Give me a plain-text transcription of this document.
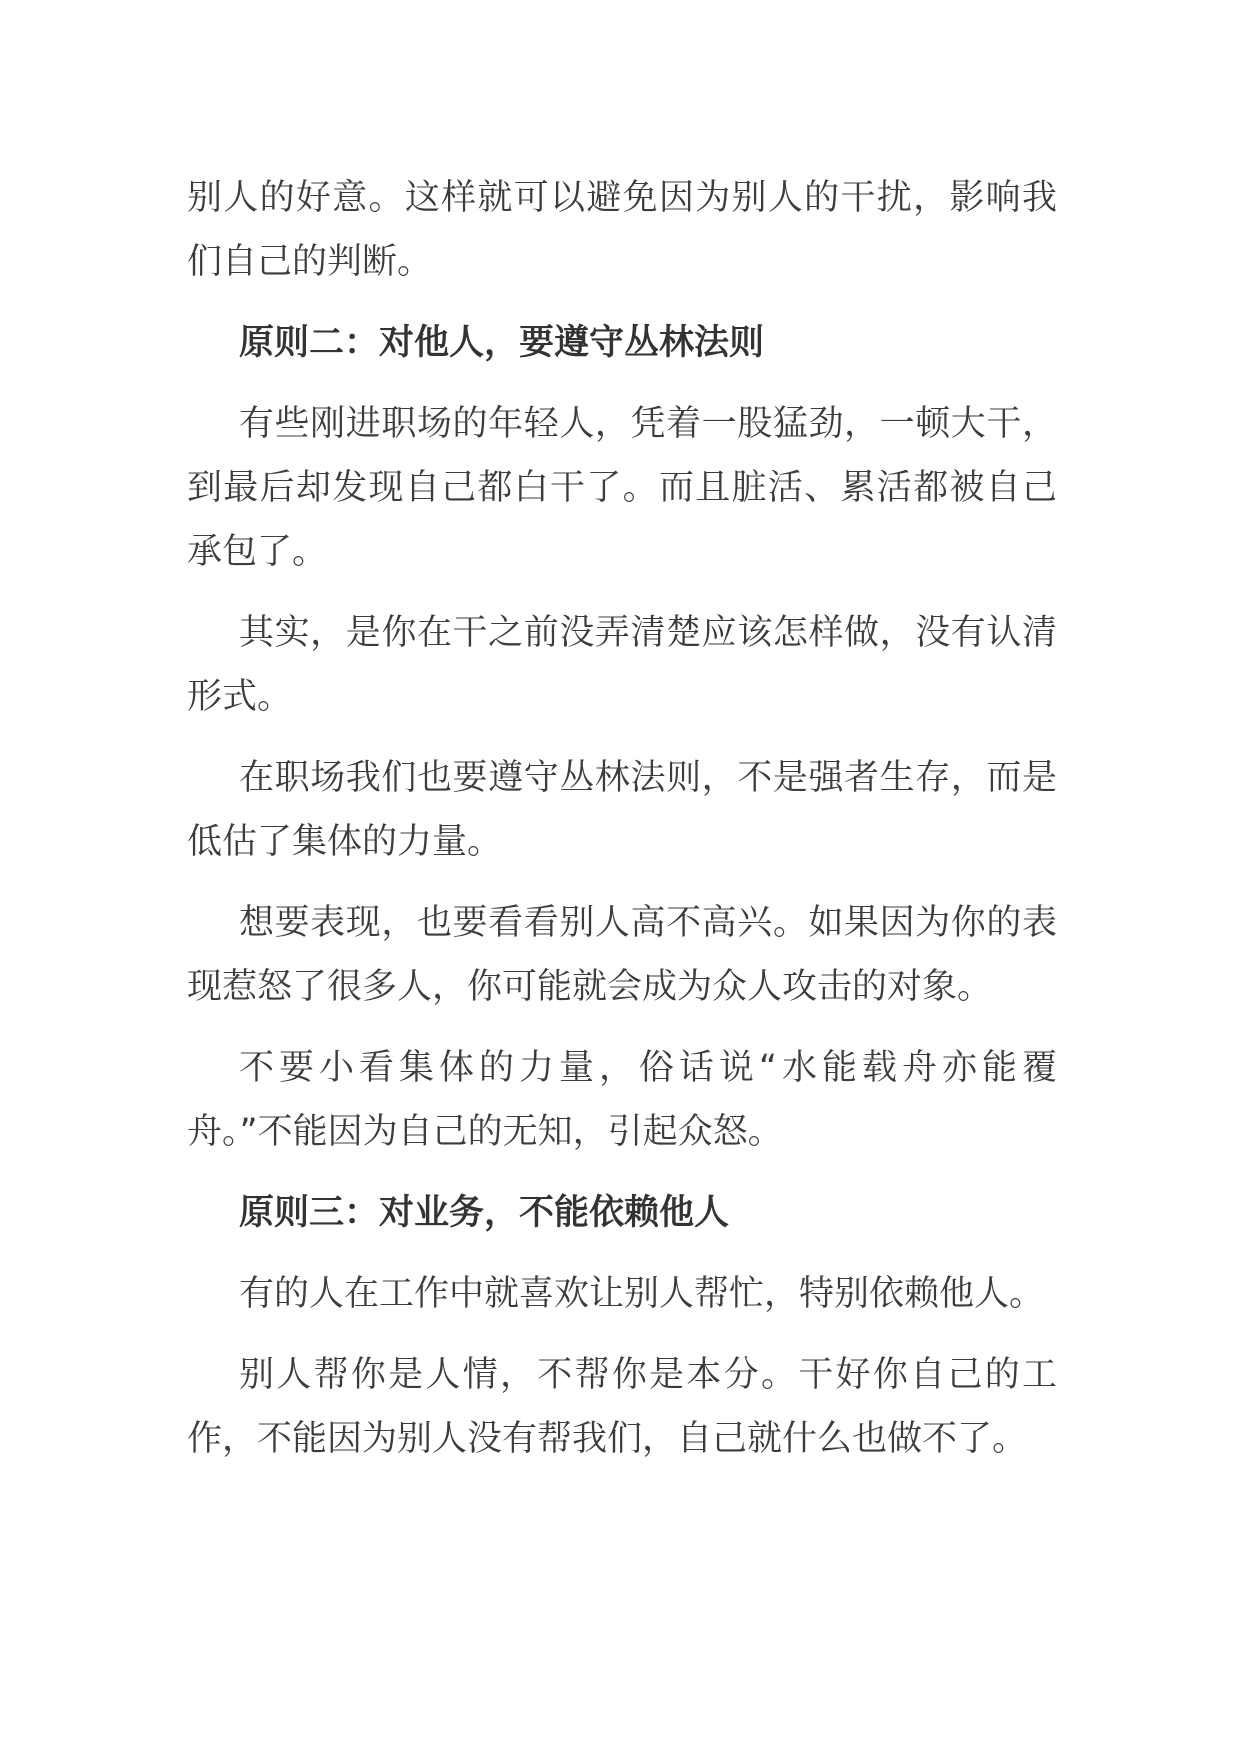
别人的好意。这样就可以避免因为别人的干扰，影响我们自己的判断。

原则二：对他人，要遵守丛林法则

有些刚进职场的年轻人，凭着一股猛劲，一顿大干，到最后却发现自己都白干了。而且脏活、累活都被自己承包了。

其实，是你在干之前没弄清楚应该怎样做，没有认清形式。

在职场我们也要遵守丛林法则，不是强者生存，而是低估了集体的力量。

想要表现，也要看看别人高不高兴。如果因为你的表现惹怒了很多人，你可能就会成为众人攻击的对象。

不要小看集体的力量，俗话说“水能载舟亦能覆舟。”不能因为自己的无知，引起众怒。

原则三：对业务，不能依赖他人

有的人在工作中就喜欢让别人帮忙，特别依赖他人。

别人帮你是人情，不帮你是本分。干好你自己的工作，不能因为别人没有帮我们，自己就什么也做不了。
